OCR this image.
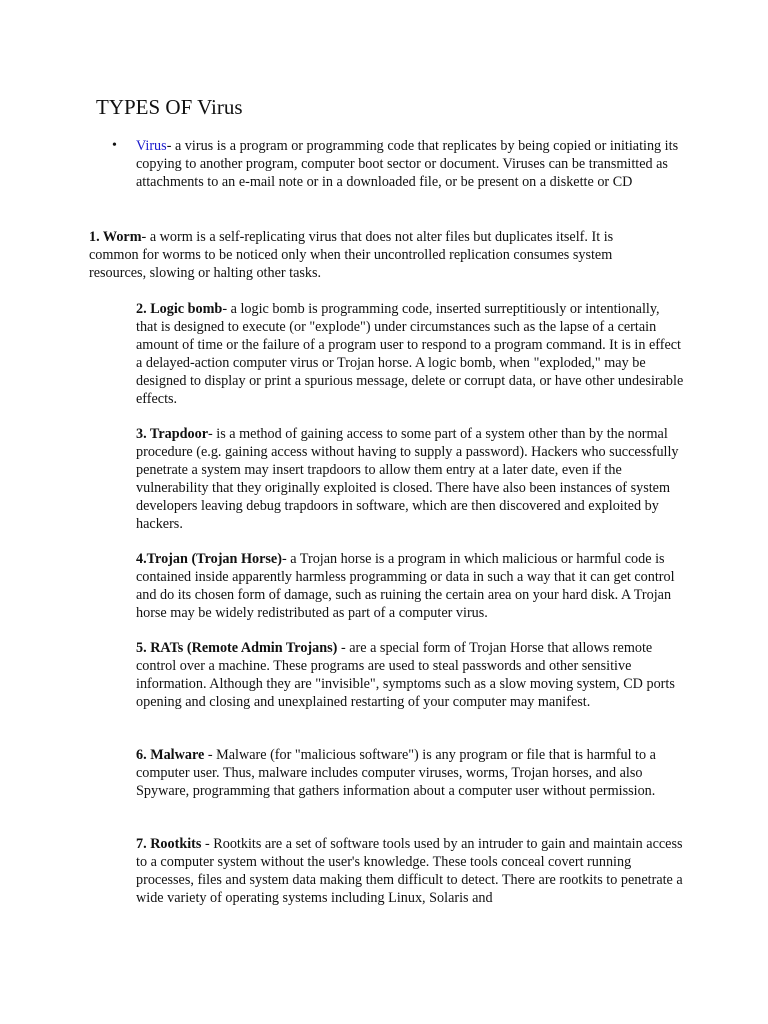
TYPES OF Virus
• Virus- a virus is a program or programming code that replicates by being copied or initiating its copying to another program, computer boot sector or document. Viruses can be transmitted as attachments to an e-mail note or in a downloaded file, or be present on a diskette or CD

1. Worm- a worm is a self-replicating virus that does not alter files but duplicates itself. It is common for worms to be noticed only when their uncontrolled replication consumes system resources, slowing or halting other tasks.

2. Logic bomb- a logic bomb is programming code, inserted surreptitiously or intentionally, that is designed to execute (or "explode") under circumstances such as the lapse of a certain amount of time or the failure of a program user to respond to a program command. It is in effect a delayed-action computer virus or Trojan horse. A logic bomb, when "exploded," may be designed to display or print a spurious message, delete or corrupt data, or have other undesirable effects.

3. Trapdoor- is a method of gaining access to some part of a system other than by the normal procedure (e.g. gaining access without having to supply a password). Hackers who successfully penetrate a system may insert trapdoors to allow them entry at a later date, even if the vulnerability that they originally exploited is closed. There have also been instances of system developers leaving debug trapdoors in software, which are then discovered and exploited by hackers.

4.Trojan (Trojan Horse)- a Trojan horse is a program in which malicious or harmful code is contained inside apparently harmless programming or data in such a way that it can get control and do its chosen form of damage, such as ruining the certain area on your hard disk. A Trojan horse may be widely redistributed as part of a computer virus.

5. RATs (Remote Admin Trojans) - are a special form of Trojan Horse that allows remote control over a machine. These programs are used to steal passwords and other sensitive information. Although they are "invisible", symptoms such as a slow moving system, CD ports opening and closing and unexplained restarting of your computer may manifest.

6. Malware - Malware (for "malicious software") is any program or file that is harmful to a computer user. Thus, malware includes computer viruses, worms, Trojan horses, and also Spyware, programming that gathers information about a computer user without permission.

7. Rootkits - Rootkits are a set of software tools used by an intruder to gain and maintain access to a computer system without the user's knowledge. These tools conceal covert running processes, files and system data making them difficult to detect. There are rootkits to penetrate a wide variety of operating systems including Linux, Solaris and
